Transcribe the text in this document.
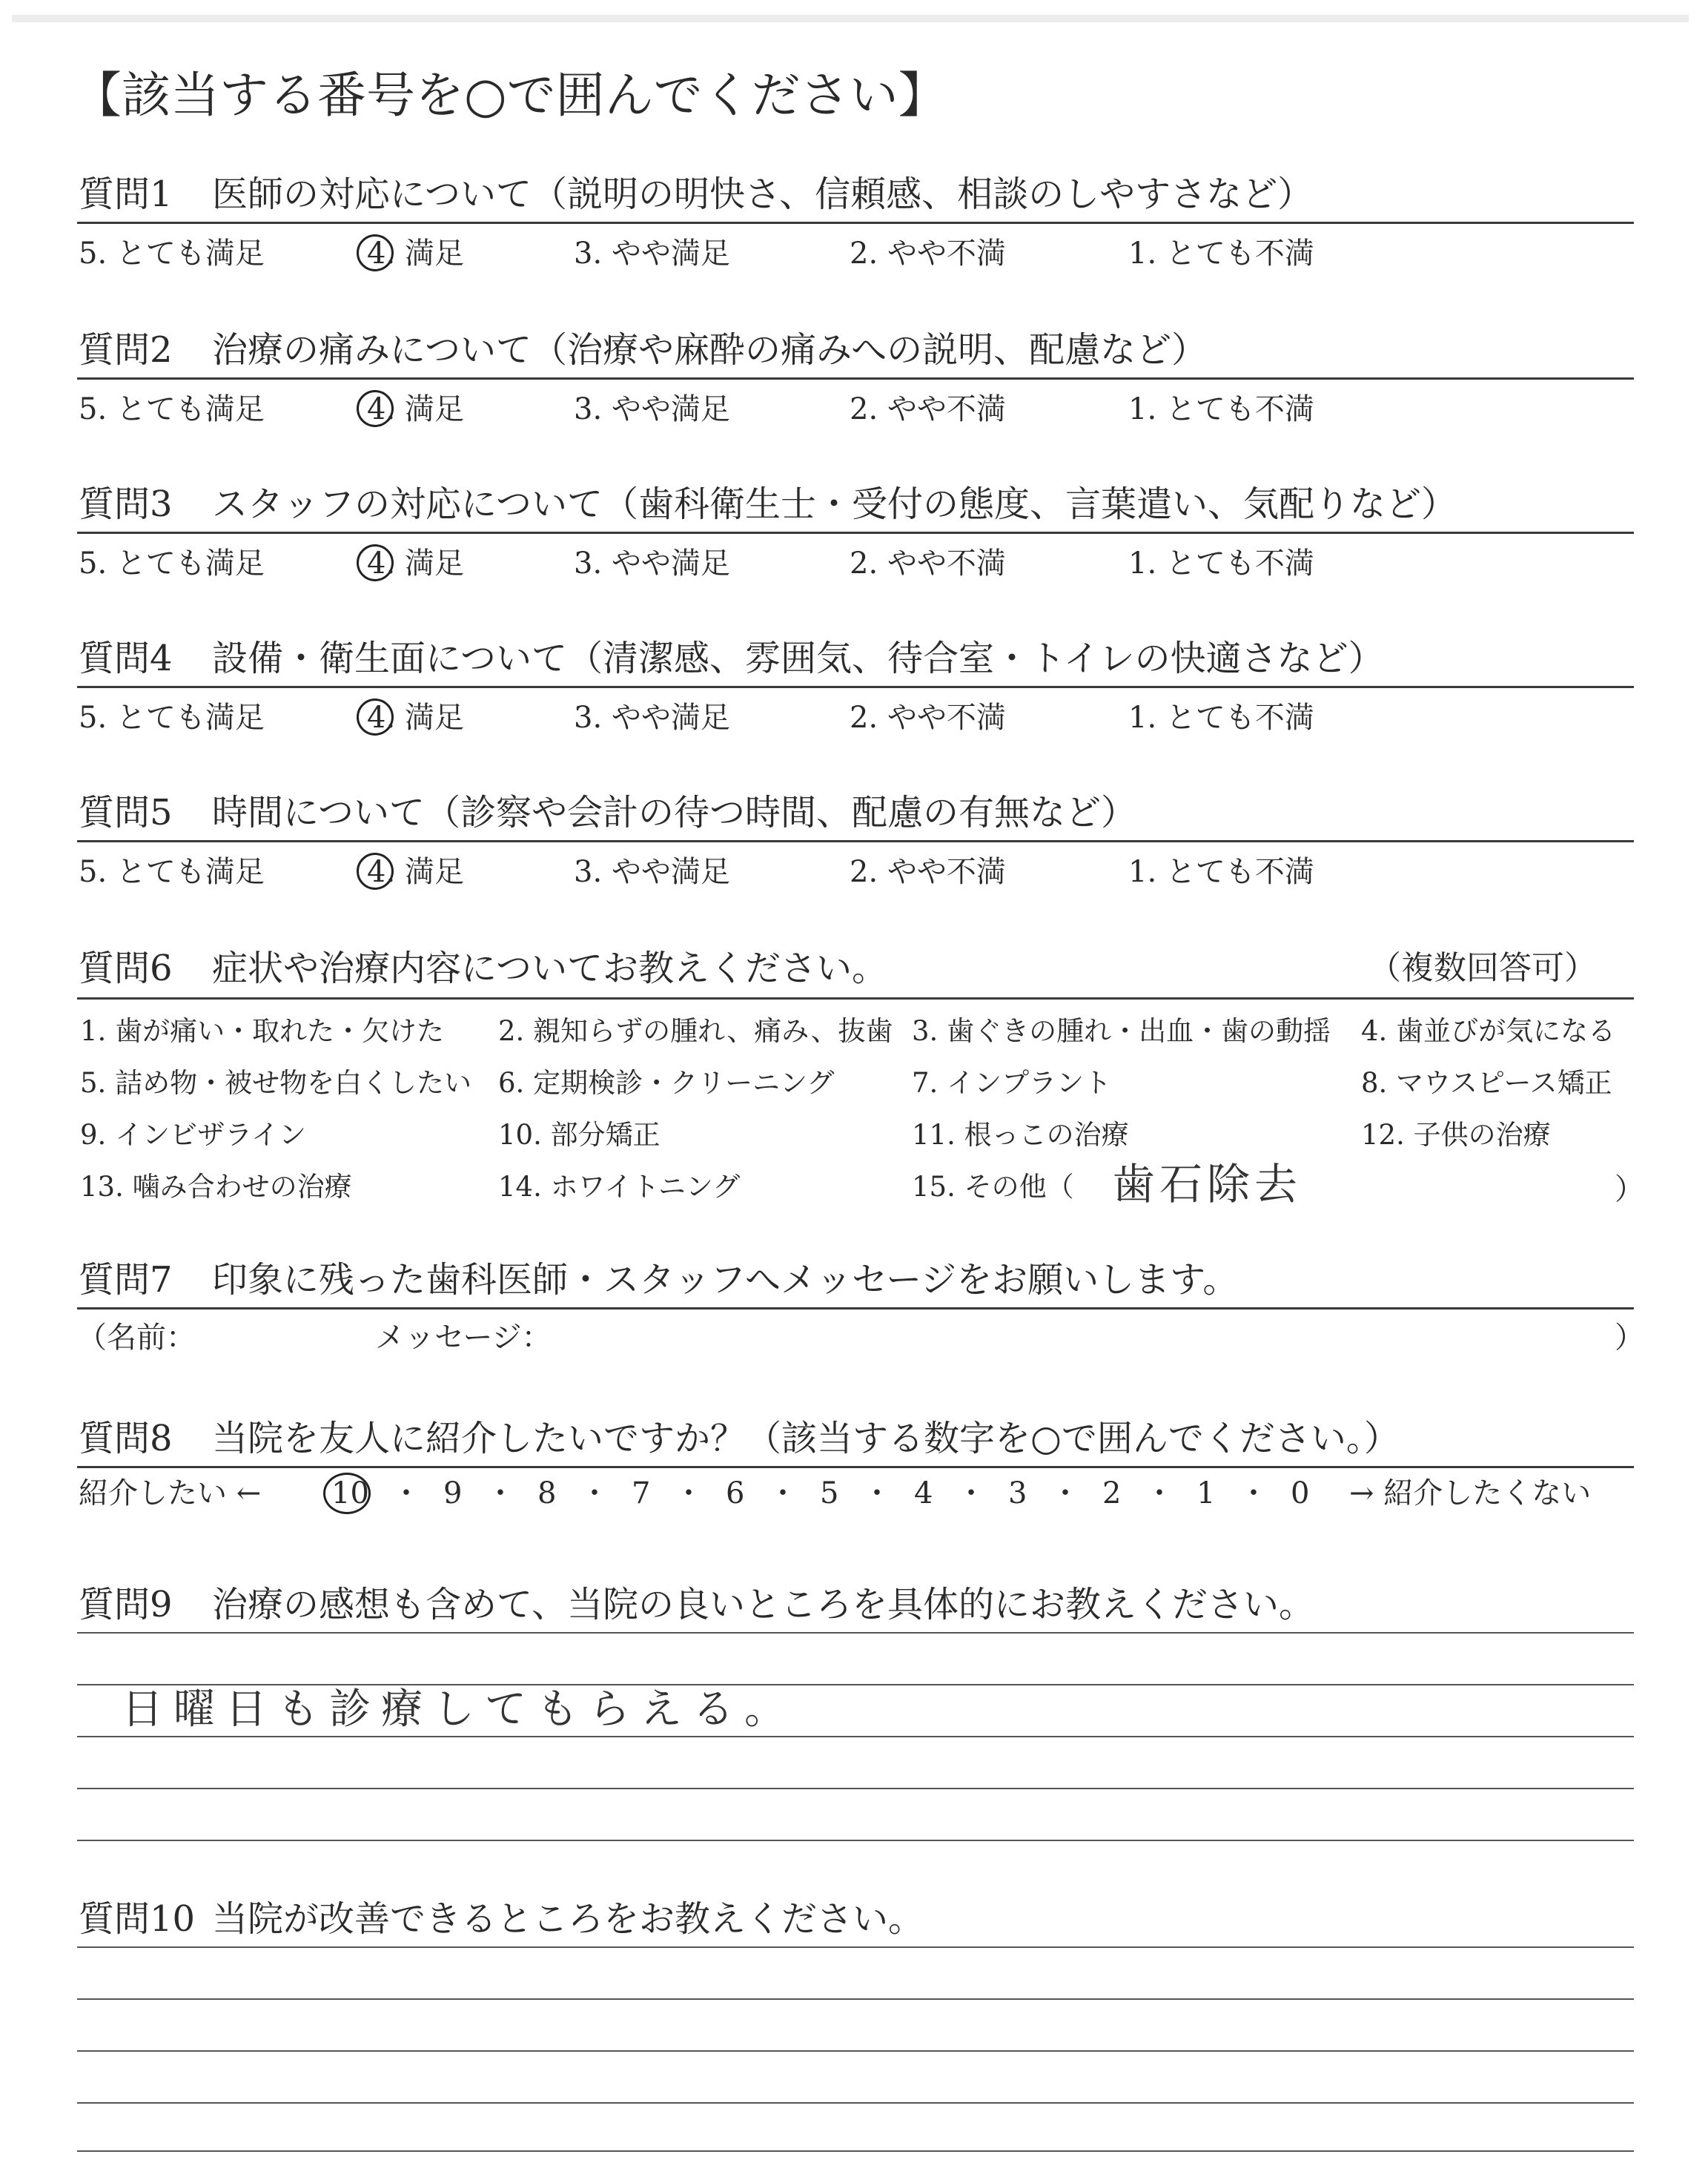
【該当する番号を○で囲んでください】
質問1 医師の対応について（説明の明快さ、信頼感、相談のしやすさなど）
5. とても満足	4. 満足	3. やや満足	2. やや不満	1. とても不満
質問2 治療の痛みについて（治療や麻酔の痛みへの説明、配慮など）
5. とても満足	4. 満足	3. やや満足	2. やや不満	1. とても不満
質問3 スタッフの対応について（歯科衛生士・受付の態度、言葉遣い、気配りなど）
5. とても満足	4. 満足	3. やや満足	2. やや不満	1. とても不満
質問4 設備・衛生面について（清潔感、雰囲気、待合室・トイレの快適さなど）
5. とても満足	4. 満足	3. やや満足	2. やや不満	1. とても不満
質問5 時間について（診察や会計の待つ時間、配慮の有無など）
5. とても満足	4. 満足	3. やや満足	2. やや不満	1. とても不満
質問6 症状や治療内容についてお教えください。	（複数回答可）
1. 歯が痛い・取れた・欠けた 2. 親知らずの腫れ、痛み、抜歯 3. 歯ぐきの腫れ・出血・歯の動揺 4. 歯並びが気になる
5. 詰め物・被せ物を白くしたい 6. 定期検診・クリーニング	7. インプラント	8. マウスピース矯正
9. インビザライン	10. 部分矯正	11. 根っこの治療	12. 子供の治療
13. 噛み合わせの治療	14. ホワイトニング	15. その他（ 歯石除去	）
質問7 印象に残った歯科医師・スタッフへメッセージをお願いします。
（名前：	メッセージ：	）
質問8 当院を友人に紹介したいですか？（該当する数字を○で囲んでください。）
紹介したい ← 10 ・ 9 ・ 8 ・ 7 ・ 6 ・ 5 ・ 4 ・ 3 ・ 2 ・ 1 ・ 0 → 紹介したくない
質問9 治療の感想も含めて、当院の良いところを具体的にお教えください。
日曜日も診療してもらえる。
質問10 当院が改善できるところをお教えください。
